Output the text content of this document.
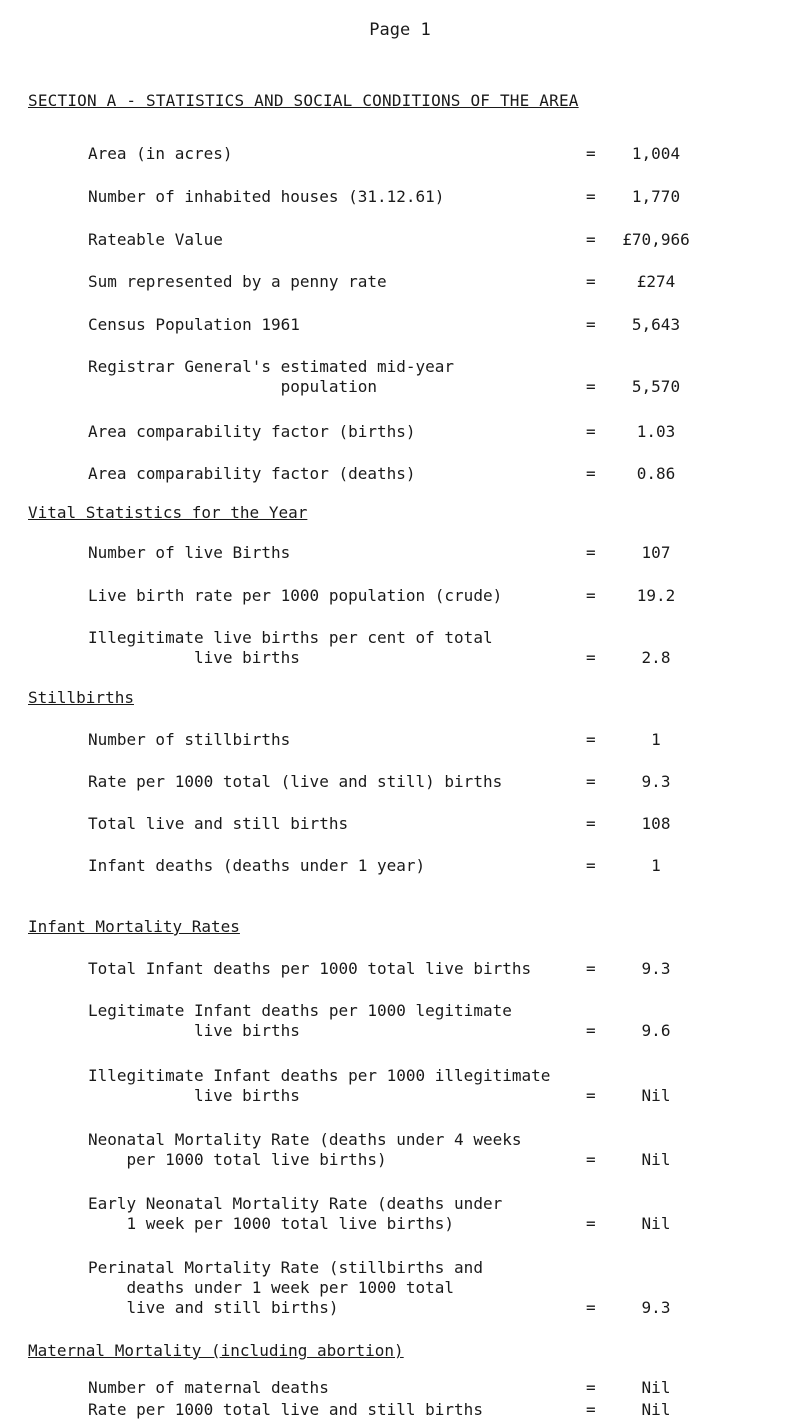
Page 1
SECTION A - STATISTICS AND SOCIAL CONDITIONS OF THE AREA
Area (in acres)	=	1,004
Number of inhabited houses (31.12.61)	=	1,770
Rateable Value	=	£70,966
Sum represented by a penny rate	=	£274
Census Population 1961	=	5,643
Registrar General's estimated mid-year
population	=	5,570
Area comparability factor (births)	=	1.03
Area comparability factor (deaths)	=	0.86
Vital Statistics for the Year
Number of live Births	=	107
Live birth rate per 1000 population (crude)	=	19.2
Illegitimate live births per cent of total
live births	=	2.8
Stillbirths
Number of stillbirths	=	1
Rate per 1000 total (live and still) births	=	9.3
Total live and still births	=	108
Infant deaths (deaths under 1 year)	=	1
Infant Mortality Rates
Total Infant deaths per 1000 total live births	=	9.3
Legitimate Infant deaths per 1000 legitimate
live births	=	9.6
Illegitimate Infant deaths per 1000 illegitimate
live births	=	Nil
Neonatal Mortality Rate (deaths under 4 weeks
per 1000 total live births)	=	Nil
Early Neonatal Mortality Rate (deaths under
1 week per 1000 total live births)	=	Nil
Perinatal Mortality Rate (stillbirths and
deaths under 1 week per 1000 total
live and still births)	=	9.3
Maternal Mortality (including abortion)
Number of maternal deaths	=	Nil
Rate per 1000 total live and still births	=	Nil
